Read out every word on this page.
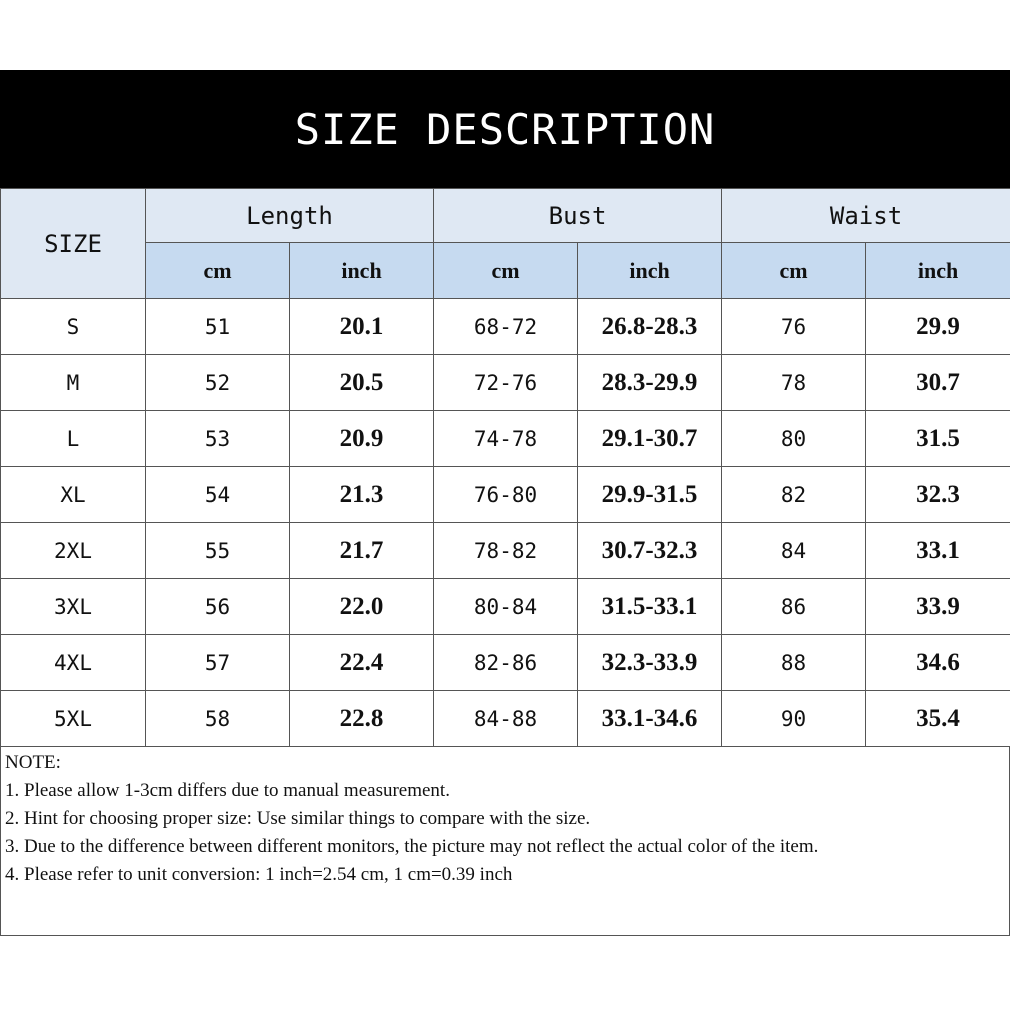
SIZE DESCRIPTION
SIZE	Length		Bust		Waist	
	cm	inch	cm	inch	cm	inch
S	51	20.1	68-72	26.8-28.3	76	29.9
M	52	20.5	72-76	28.3-29.9	78	30.7
L	53	20.9	74-78	29.1-30.7	80	31.5
XL	54	21.3	76-80	29.9-31.5	82	32.3
2XL	55	21.7	78-82	30.7-32.3	84	33.1
3XL	56	22.0	80-84	31.5-33.1	86	33.9
4XL	57	22.4	82-86	32.3-33.9	88	34.6
5XL	58	22.8	84-88	33.1-34.6	90	35.4
NOTE:
1. Please allow 1-3cm differs due to manual measurement.
2. Hint for choosing proper size: Use similar things to compare with the size.
3. Due to the difference between different monitors, the picture may not reflect the actual color of the item.
4. Please refer to unit conversion: 1 inch=2.54 cm, 1 cm=0.39 inch
